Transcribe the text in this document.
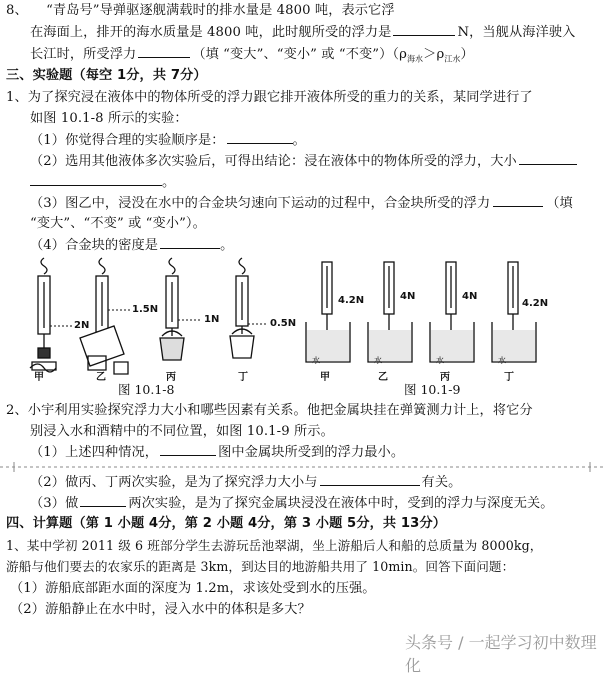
8、 “青岛号”导弹驱逐舰满载时的排水量是 4800 吨，表示它浮
在海面上，排开的海水质量是 4800 吨，此时舰所受的浮力是	N，当舰从海洋驶入
长江时，所受浮力	（填 “变大”、“变小” 或 “不变$”)(\rho_{海水}>\rho_{江水})$
三、实验题（每空 1分，共 7分）
1、为了探究浸在液体中的物体所受的浮力跟它排开液体所受的重力的关系，某同学进行了
如图 10.1-8 所示的实验：
（1）你觉得合理的实验顺序是：	。
（2）选用其他液体多次实验后，可得出结论：浸在液体中的物体所受的浮力，大小
。
（3）图乙中，浸没在水中的合金块匀速向下运动的过程中，合金块所受的浮力	（填
“变大”、“不变” 或 “变小”）。
（4）合金块的密度是	。
2N
1.5N
1N	0.5N
甲	乙	丙	丁
图 10.1-8
4.2N	4N	4N
4.2N
水	水	水	水
甲	乙	丙	丁
图 10.1-9
2、小宇利用实验探究浮力大小和哪些因素有关系。他把金属块挂在弹簧测力计上，将它分
别浸入水和酒精中的不同位置，如图 10.1-9 所示。
（1）上述四种情况，	图中金属块所受到的浮力最小。
（2）做丙、丁两次实验，是为了探究浮力大小与	有关。
（3）做	两次实验，是为了探究金属块浸没在液体中时，受到的浮力与深度无关。
四、计算题（第 1 小题 4分，第 2 小题 4分，第 3 小题 5分，共 13分）
1、某中学初 2011 级 6 班部分学生去游玩岳池翠湖，坐上游船后人和船的总质量为 8000kg，
游船与他们要去的农家乐的距离是 3km，到达目的地游船共用了 10min。回答下面问题：
（1）游船底部距水面的深度为 1.2m，求该处受到水的压强。
（2）游船静止在水中时，浸入水中的体积是多大？
头条号 / 一起学习初中数理化
